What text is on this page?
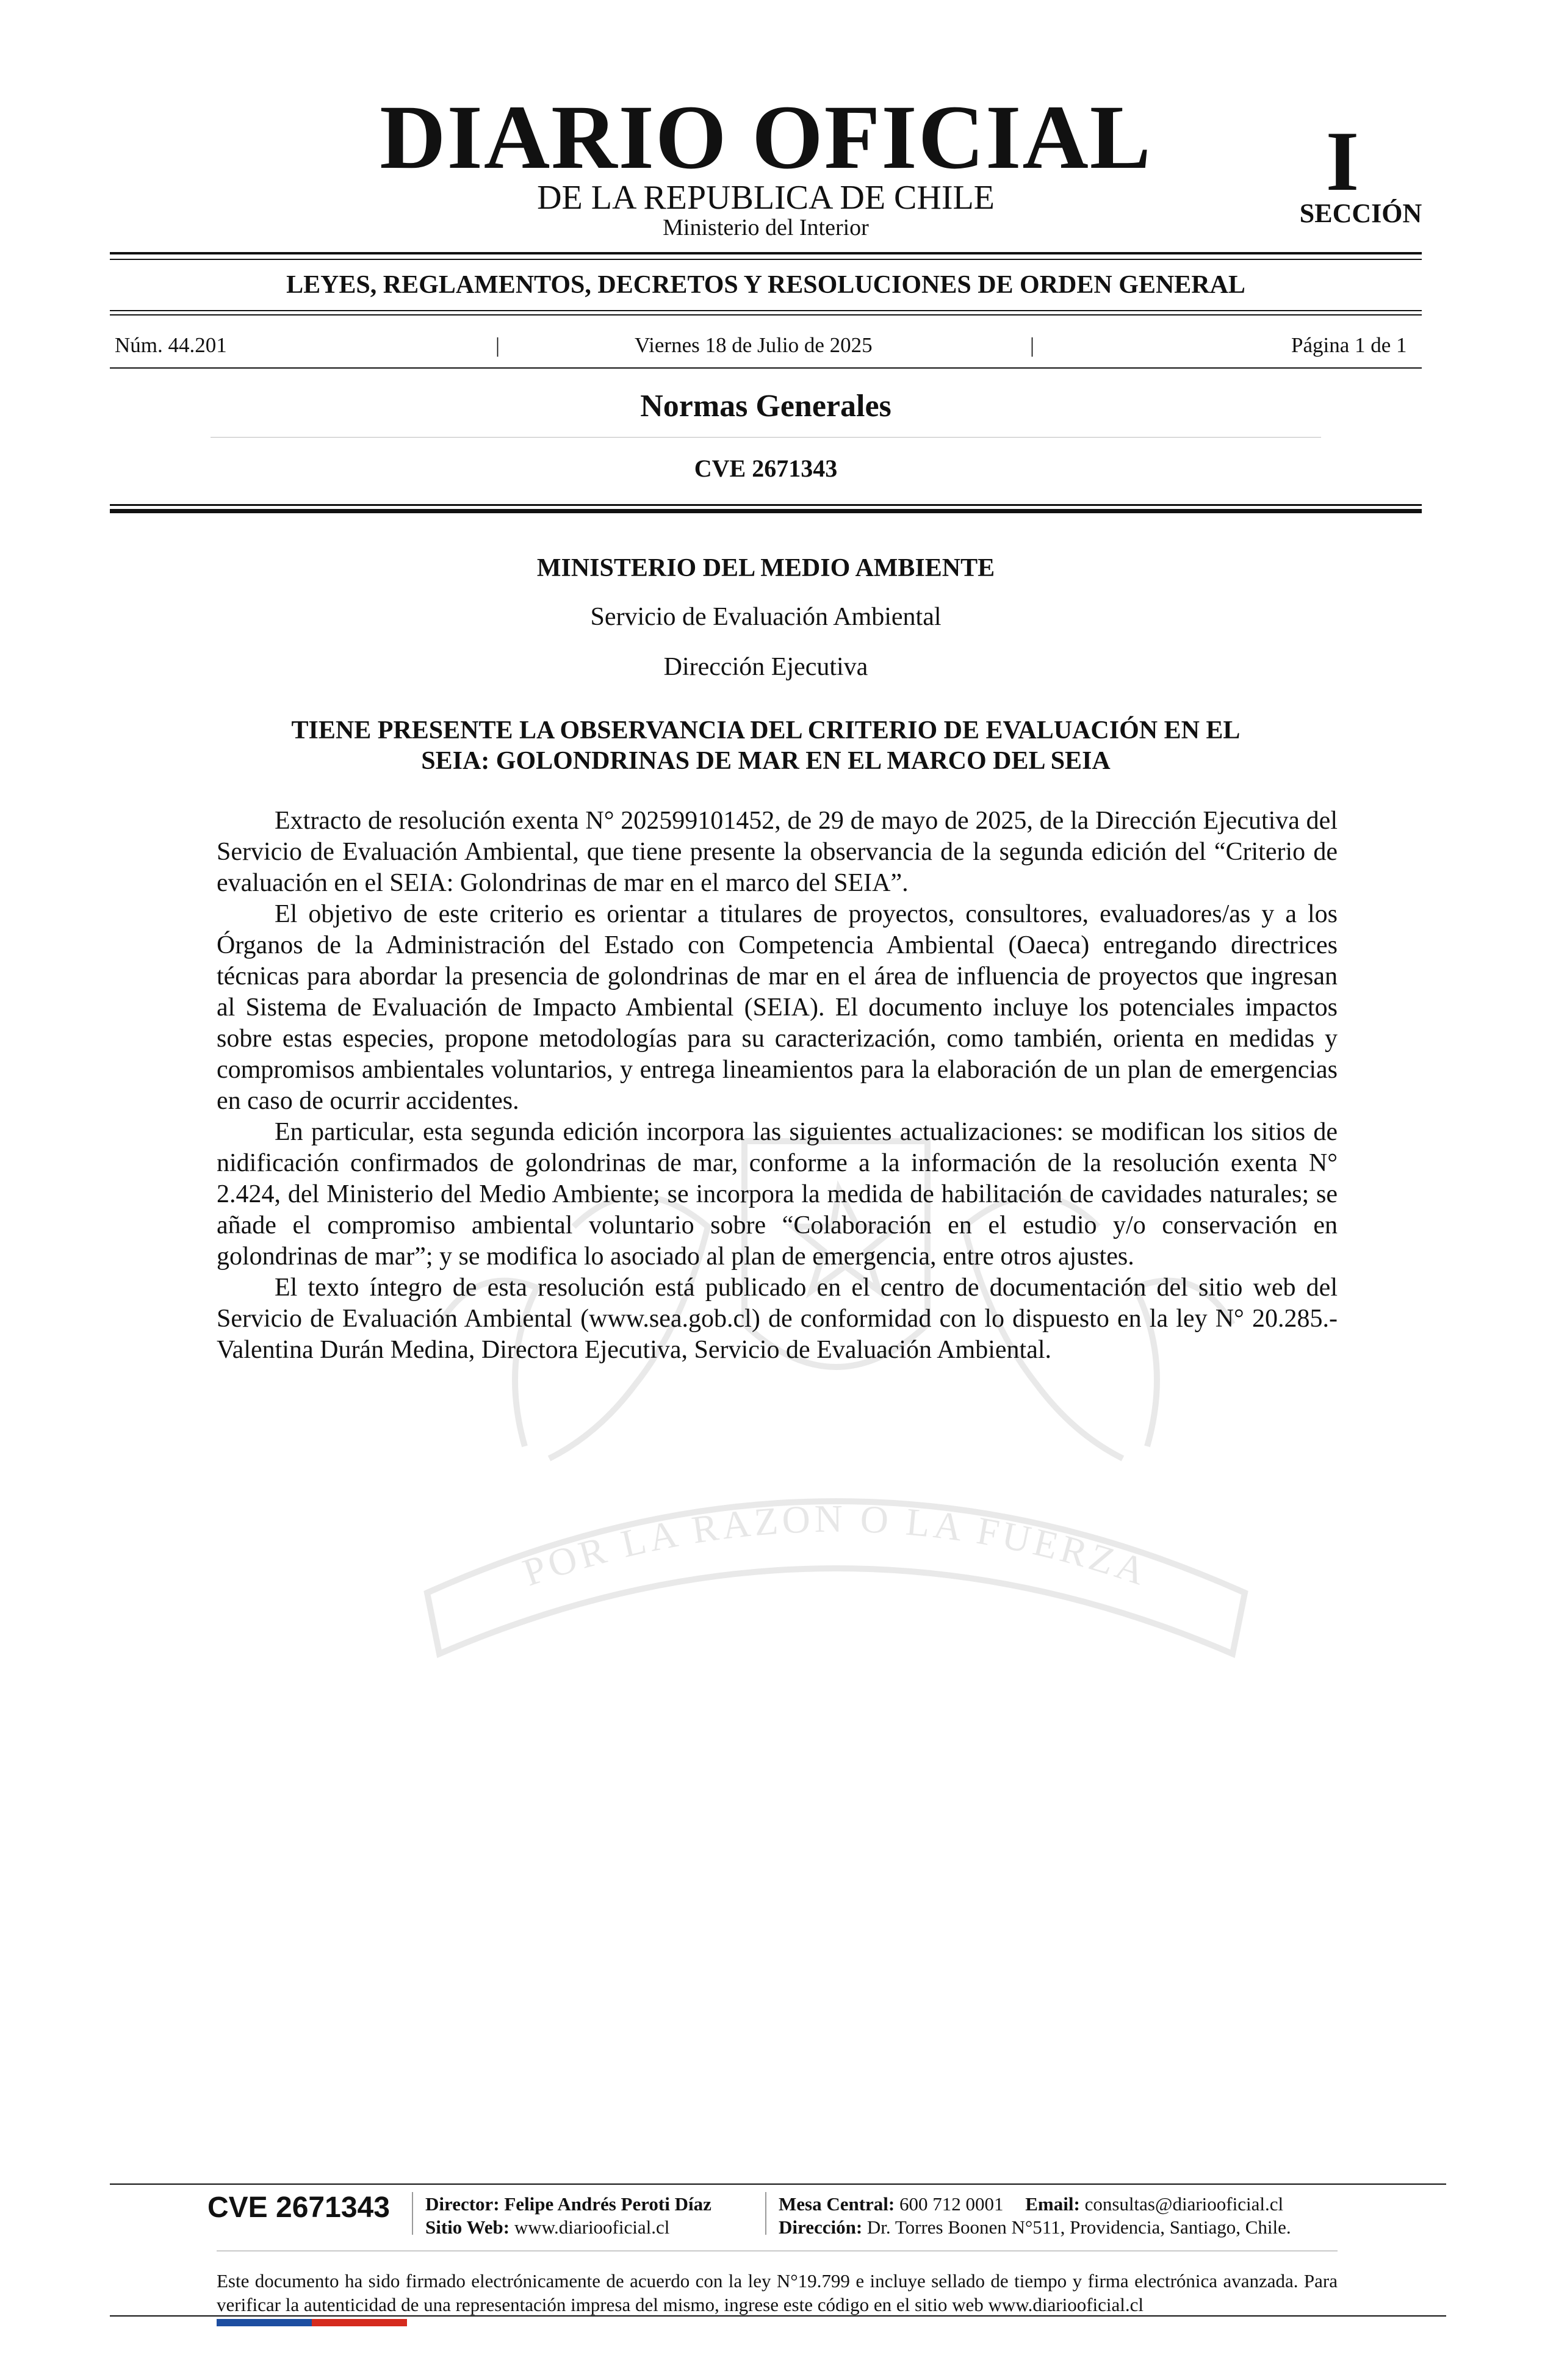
DIARIO OFICIAL
DE LA REPUBLICA DE CHILE
Ministerio del Interior
I
SECCIÓN
LEYES, REGLAMENTOS, DECRETOS Y RESOLUCIONES DE ORDEN GENERAL
Núm. 44.201	|	Viernes 18 de Julio de 2025	|	Página 1 de 1
Normas Generales
CVE 2671343
MINISTERIO DEL MEDIO AMBIENTE
Servicio de Evaluación Ambiental
Dirección Ejecutiva
TIENE PRESENTE LA OBSERVANCIA DEL CRITERIO DE EVALUACIÓN EN EL
SEIA: GOLONDRINAS DE MAR EN EL MARCO DEL SEIA
POR LA RAZON O LA FUERZA

Extracto de resolución exenta N° 202599101452, de 29 de mayo de 2025, de la Dirección Ejecutiva del Servicio de Evaluación Ambiental, que tiene presente la observancia de la segunda edición del “Criterio de evaluación en el SEIA: Golondrinas de mar en el marco del SEIA”.

El objetivo de este criterio es orientar a titulares de proyectos, consultores, evaluadores/as y a los Órganos de la Administración del Estado con Competencia Ambiental (Oaeca) entregando directrices técnicas para abordar la presencia de golondrinas de mar en el área de influencia de proyectos que ingresan al Sistema de Evaluación de Impacto Ambiental (SEIA). El documento incluye los potenciales impactos sobre estas especies, propone metodologías para su caracterización, como también, orienta en medidas y compromisos ambientales voluntarios, y entrega lineamientos para la elaboración de un plan de emergencias en caso de ocurrir accidentes.

En particular, esta segunda edición incorpora las siguientes actualizaciones: se modifican los sitios de nidificación confirmados de golondrinas de mar, conforme a la información de la resolución exenta N° 2.424, del Ministerio del Medio Ambiente; se incorpora la medida de habilitación de cavidades naturales; se añade el compromiso ambiental voluntario sobre “Colaboración en el estudio y/o conservación en golondrinas de mar”; y se modifica lo asociado al plan de emergencia, entre otros ajustes.

El texto íntegro de esta resolución está publicado en el centro de documentación del sitio web del Servicio de Evaluación Ambiental (www.sea.gob.cl) de conformidad con lo dispuesto en la ley N° 20.285.- Valentina Durán Medina, Directora Ejecutiva, Servicio de Evaluación Ambiental.

CVE 2671343 Director: Felipe Andrés Peroti Díaz
Sitio Web: www.diariooficial.cl
Mesa Central: 600 712 0001 Email: consultas@diariooficial.cl
Dirección: Dr. Torres Boonen N°511, Providencia, Santiago, Chile.
Este documento ha sido firmado electrónicamente de acuerdo con la ley N°19.799 e incluye sellado de tiempo y firma electrónica avanzada. Para verificar la autenticidad de una representación impresa del mismo, ingrese este código en el sitio web www.diariooficial.cl
